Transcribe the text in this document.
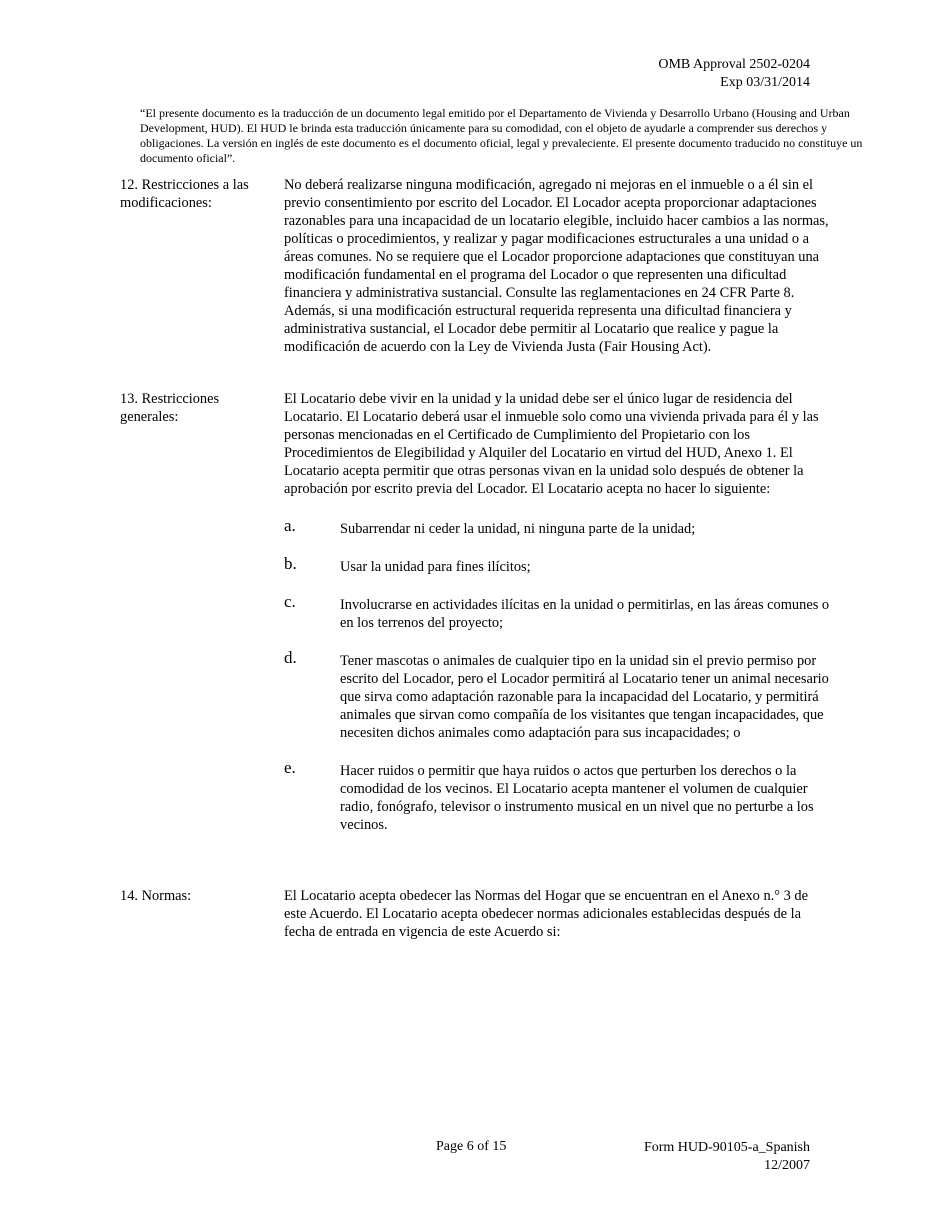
OMB Approval 2502-0204
Exp 03/31/2014
“El presente documento es la traducción de un documento legal emitido por el Departamento de Vivienda y Desarrollo Urbano (Housing and Urban Development, HUD). El HUD le brinda esta traducción únicamente para su comodidad, con el objeto de ayudarle a comprender sus derechos y obligaciones. La versión en inglés de este documento es el documento oficial, legal y prevaleciente. El presente documento traducido no constituye un documento oficial”.
12. Restricciones a las modificaciones:

No deberá realizarse ninguna modificación, agregado ni mejoras en el inmueble o a él sin el previo consentimiento por escrito del Locador. El Locador acepta proporcionar adaptaciones razonables para una incapacidad de un locatario elegible, incluido hacer cambios a las normas, políticas o procedimientos, y realizar y pagar modificaciones estructurales a una unidad o a áreas comunes. No se requiere que el Locador proporcione adaptaciones que constituyan una modificación fundamental en el programa del Locador o que representen una dificultad financiera y administrativa sustancial. Consulte las reglamentaciones en 24 CFR Parte 8. Además, si una modificación estructural requerida representa una dificultad financiera y administrativa sustancial, el Locador debe permitir al Locatario que realice y pague la modificación de acuerdo con la Ley de Vivienda Justa (Fair Housing Act).

13. Restricciones generales:

El Locatario debe vivir en la unidad y la unidad debe ser el único lugar de residencia del Locatario. El Locatario deberá usar el inmueble solo como una vivienda privada para él y las personas mencionadas en el Certificado de Cumplimiento del Propietario con los Procedimientos de Elegibilidad y Alquiler del Locatario en virtud del HUD, Anexo 1. El Locatario acepta permitir que otras personas vivan en la unidad solo después de obtener la aprobación por escrito previa del Locador. El Locatario acepta no hacer lo siguiente:

a.	Subarrendar ni ceder la unidad, ni ninguna parte de la unidad;
b.	Usar la unidad para fines ilícitos;
c.	Involucrarse en actividades ilícitas en la unidad o permitirlas, en las áreas comunes o en los terrenos del proyecto;
d.	Tener mascotas o animales de cualquier tipo en la unidad sin el previo permiso por escrito del Locador, pero el Locador permitirá al Locatario tener un animal necesario que sirva como adaptación razonable para la incapacidad del Locatario, y permitirá animales que sirvan como compañía de los visitantes que tengan incapacidades, que necesiten dichos animales como adaptación para sus incapacidades; o
e.	Hacer ruidos o permitir que haya ruidos o actos que perturben los derechos o la comodidad de los vecinos. El Locatario acepta mantener el volumen de cualquier radio, fonógrafo, televisor o instrumento musical en un nivel que no perturbe a los vecinos.
14. Normas:	El Locatario acepta obedecer las Normas del Hogar que se encuentran en el Anexo n.° 3 de este Acuerdo. El Locatario acepta obedecer normas adicionales establecidas después de la fecha de entrada en vigencia de este Acuerdo si:

Page 6 of 15	Form HUD-90105-a_Spanish
12/2007
